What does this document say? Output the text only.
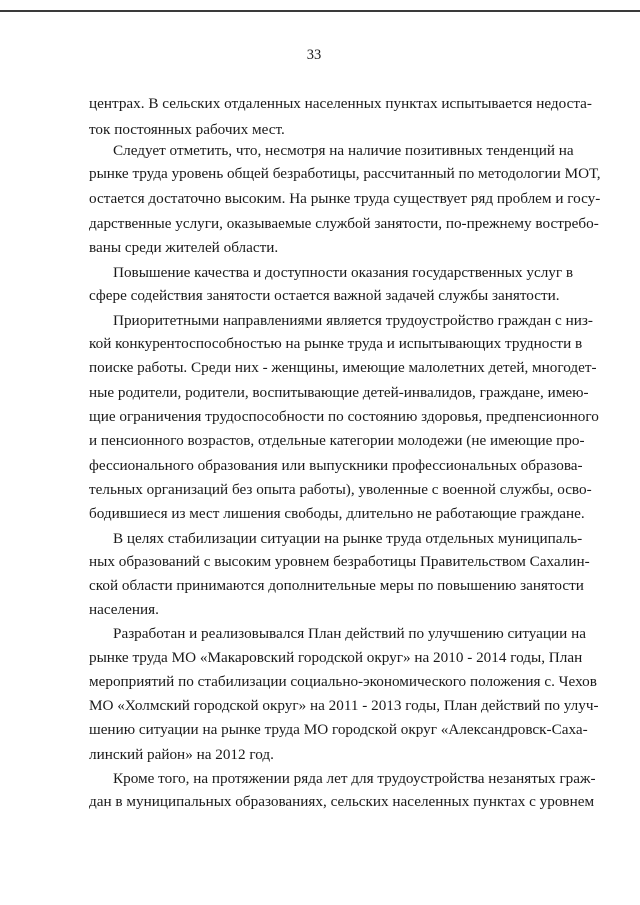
33
центрах. В сельских отдаленных населенных пунктах испытывается недоста-
ток постоянных рабочих мест.
Следует отметить, что, несмотря на наличие позитивных тенденций на
рынке труда уровень общей безработицы, рассчитанный по методологии МОТ,
остается достаточно высоким. На рынке труда существует ряд проблем и госу-
дарственные услуги, оказываемые службой занятости, по-прежнему востребо-
ваны среди жителей области.
Повышение качества и доступности оказания государственных услуг в
сфере содействия занятости остается важной задачей службы занятости.
Приоритетными направлениями является трудоустройство граждан с низ-
кой конкурентоспособностью на рынке труда и испытывающих трудности в
поиске работы. Среди них - женщины, имеющие малолетних детей, многодет-
ные родители, родители, воспитывающие детей-инвалидов, граждане, имею-
щие ограничения трудоспособности по состоянию здоровья, предпенсионного
и пенсионного возрастов, отдельные категории молодежи (не имеющие про-
фессионального образования или выпускники профессиональных образова-
тельных организаций без опыта работы), уволенные с военной службы, осво-
бодившиеся из мест лишения свободы, длительно не работающие граждане.
В целях стабилизации ситуации на рынке труда отдельных муниципаль-
ных образований с высоким уровнем безработицы Правительством Сахалин-
ской области принимаются дополнительные меры по повышению занятости
населения.
Разработан и реализовывался План действий по улучшению ситуации на
рынке труда МО «Макаровский городской округ» на 2010 - 2014 годы, План
мероприятий по стабилизации социально-экономического положения с. Чехов
МО «Холмский городской округ» на 2011 - 2013 годы, План действий по улуч-
шению ситуации на рынке труда МО городской округ «Александровск-Саха-
линский район» на 2012 год.
Кроме того, на протяжении ряда лет для трудоустройства незанятых граж-
дан в муниципальных образованиях, сельских населенных пунктах с уровнем
